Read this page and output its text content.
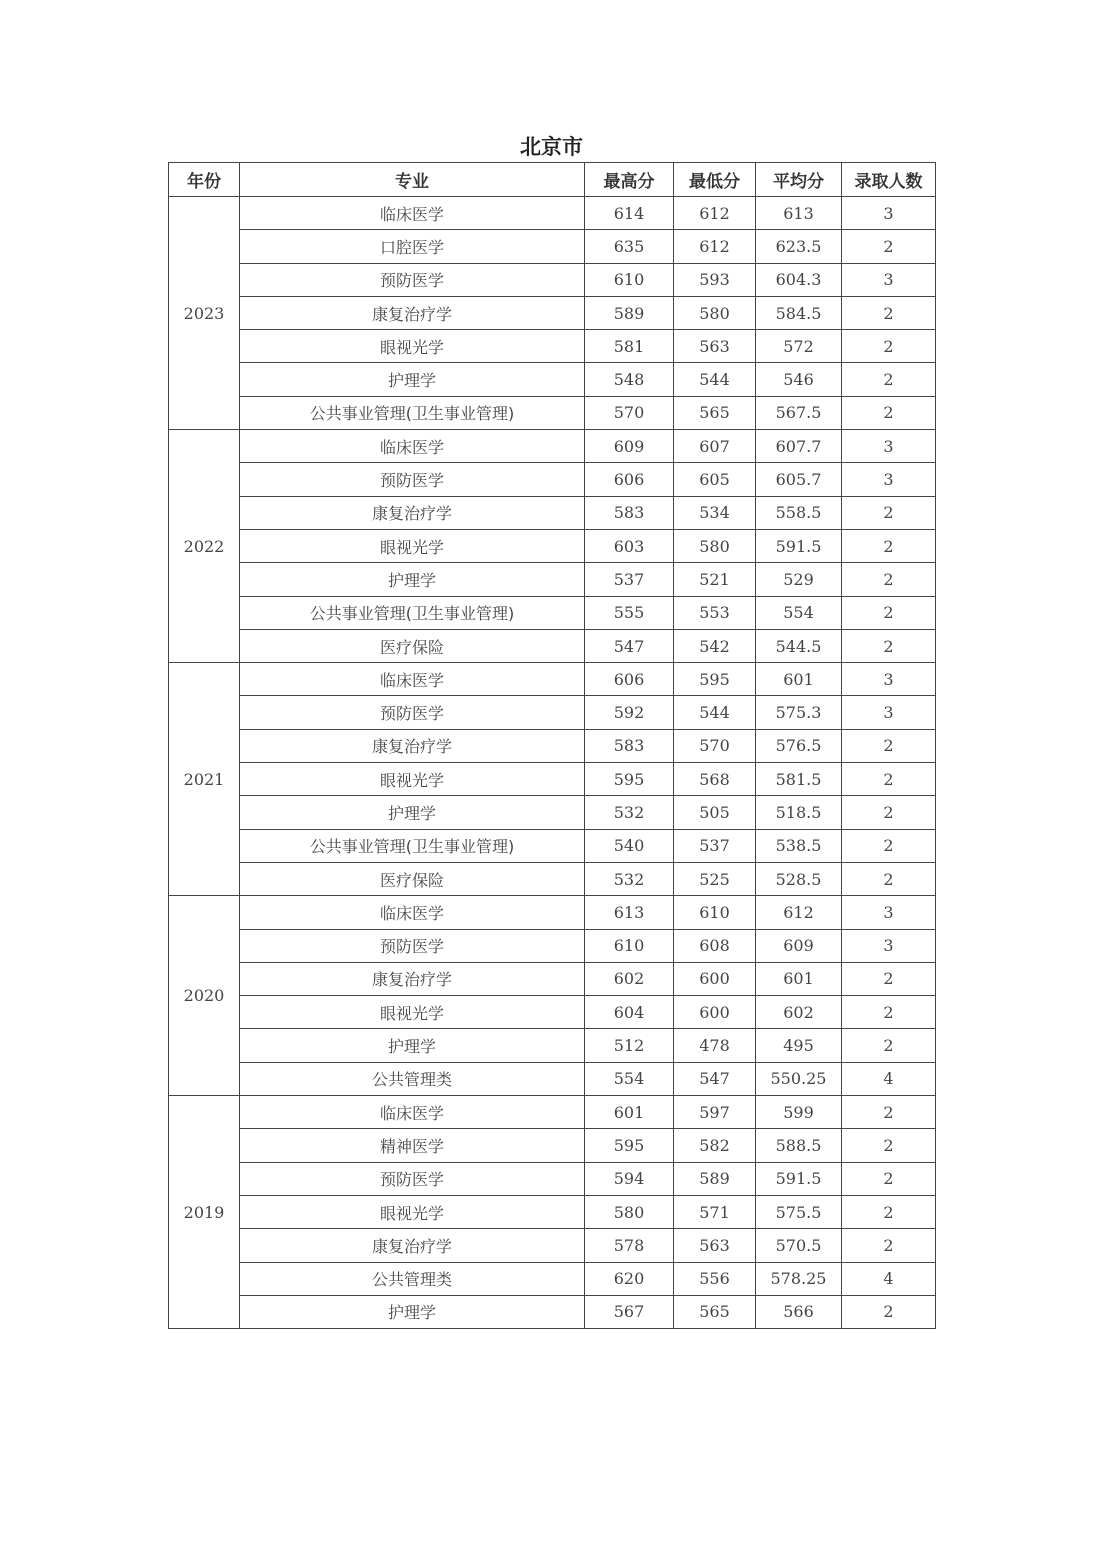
北京市
年份	专业	最高分	最低分	平均分	录取人数
2023	临床医学	614	612	613	3
	口腔医学	635	612	623.5	2
	预防医学	610	593	604.3	3
	康复治疗学	589	580	584.5	2
	眼视光学	581	563	572	2
	护理学	548	544	546	2
	公共事业管理(卫生事业管理)	570	565	567.5	2
2022	临床医学	609	607	607.7	3
	预防医学	606	605	605.7	3
	康复治疗学	583	534	558.5	2
	眼视光学	603	580	591.5	2
	护理学	537	521	529	2
	公共事业管理(卫生事业管理)	555	553	554	2
	医疗保险	547	542	544.5	2
2021	临床医学	606	595	601	3
	预防医学	592	544	575.3	3
	康复治疗学	583	570	576.5	2
	眼视光学	595	568	581.5	2
	护理学	532	505	518.5	2
	公共事业管理(卫生事业管理)	540	537	538.5	2
	医疗保险	532	525	528.5	2
2020	临床医学	613	610	612	3
	预防医学	610	608	609	3
	康复治疗学	602	600	601	2
	眼视光学	604	600	602	2
	护理学	512	478	495	2
	公共管理类	554	547	550.25	4
2019	临床医学	601	597	599	2
	精神医学	595	582	588.5	2
	预防医学	594	589	591.5	2
	眼视光学	580	571	575.5	2
	康复治疗学	578	563	570.5	2
	公共管理类	620	556	578.25	4
	护理学	567	565	566	2
